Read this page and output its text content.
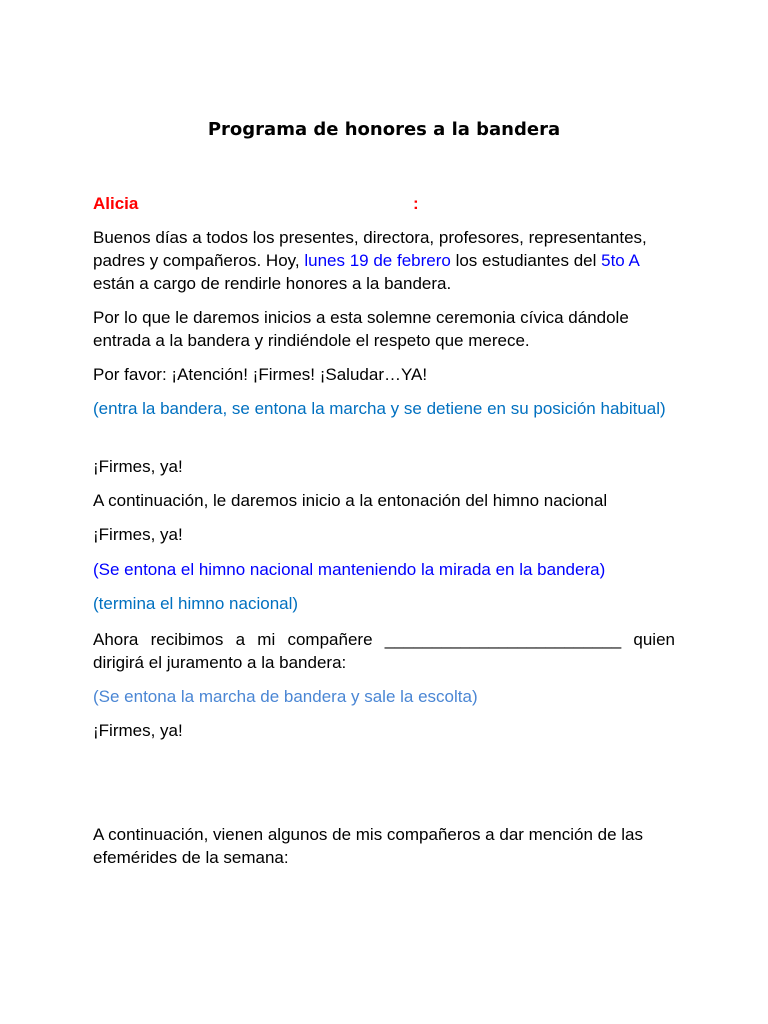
Programa de honores a la bandera

Alicia	:

Buenos días a todos los presentes, directora, profesores, representantes, padres y compañeros. Hoy, lunes 19 de febrero los estudiantes del 5to A están a cargo de rendirle honores a la bandera.

Por lo que le daremos inicios a esta solemne ceremonia cívica dándole entrada a la bandera y rindiéndole el respeto que merece.

Por favor: ¡Atención! ¡Firmes! ¡Saludar…YA!

(entra la bandera, se entona la marcha y se detiene en su posición habitual)

¡Firmes, ya!

A continuación, le daremos inicio a la entonación del himno nacional

¡Firmes, ya!

(Se entona el himno nacional manteniendo la mirada en la bandera)

(termina el himno nacional)

Ahora recibimos a mi compañere _________________________ quien dirigirá el juramento a la bandera:

(Se entona la marcha de bandera y sale la escolta)

¡Firmes, ya!

A continuación, vienen algunos de mis compañeros a dar mención de las efemérides de la semana:
